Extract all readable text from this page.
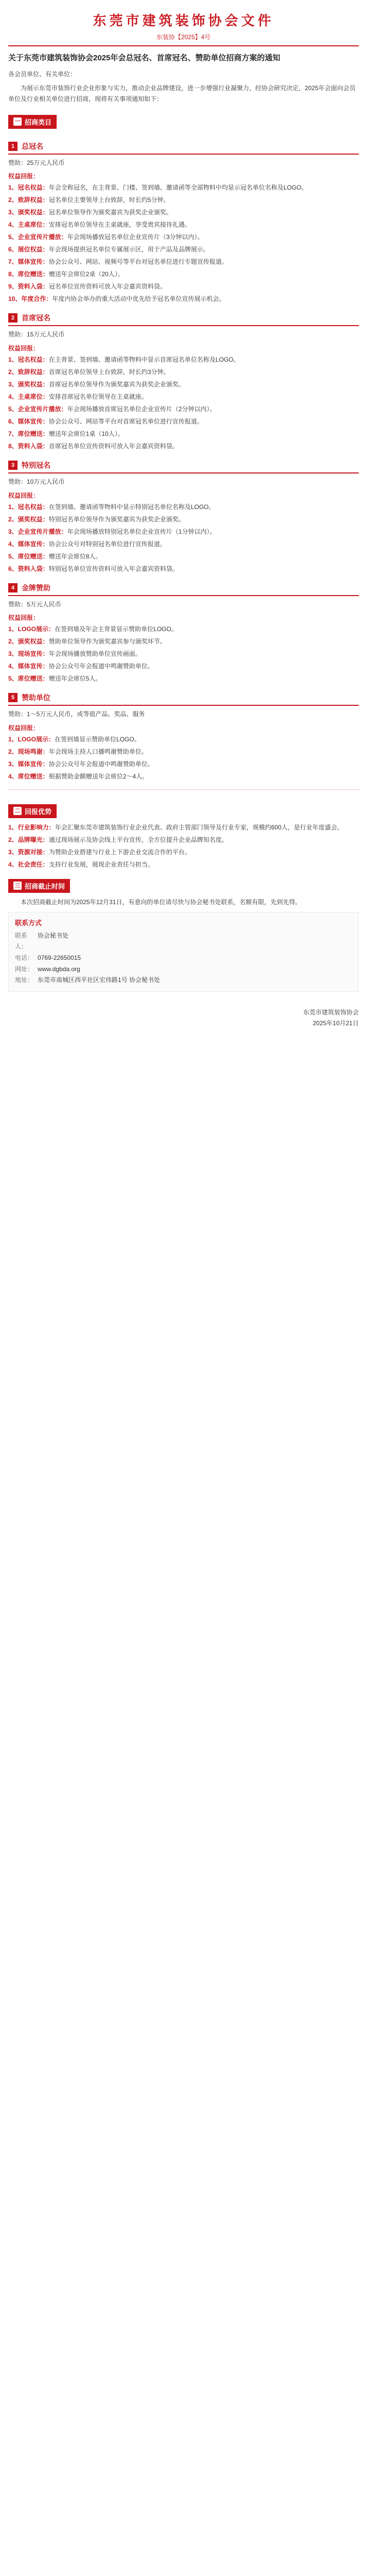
东莞市建筑装饰协会文件
东装协【2025】4号
关于东莞市建筑装饰协会2025年会总冠名、首席冠名、赞助单位招商方案的通知

各会员单位、有关单位：

为展示东莞市装饰行业企业形象与实力，推动企业品牌建设，进一步增强行业凝聚力，经协会研究决定，2025年会面向会员单位及行业相关单位进行招商，现将有关事项通知如下：

一 招商类目
1 总冠名
赞助：25万元人民币
权益回报：
1、冠名权益：年会全称冠名，在主背景、门楼、签到墙、邀请函等全部物料中均显示冠名单位名称及LOGO。
2、致辞权益：冠名单位主要领导上台致辞，时长约5分钟。
3、颁奖权益：冠名单位领导作为颁奖嘉宾为获奖企业颁奖。
4、主桌席位：安排冠名单位领导在主桌就座，享受贵宾接待礼遇。
5、企业宣传片播放：年会现场播放冠名单位企业宣传片（3分钟以内）。
6、展位权益：年会现场提供冠名单位专属展示区，用于产品及品牌展示。
7、媒体宣传：协会公众号、网站、视频号等平台对冠名单位进行专题宣传报道。
8、席位赠送：赠送年会席位2桌（20人）。
9、资料入袋：冠名单位宣传资料可放入年会嘉宾资料袋。
10、年度合作：年度内协会举办的重大活动中优先给予冠名单位宣传展示机会。
2 首席冠名
赞助：15万元人民币
权益回报：
1、冠名权益：在主背景、签到墙、邀请函等物料中显示首席冠名单位名称及LOGO。
2、致辞权益：首席冠名单位领导上台致辞，时长约3分钟。
3、颁奖权益：首席冠名单位领导作为颁奖嘉宾为获奖企业颁奖。
4、主桌席位：安排首席冠名单位领导在主桌就座。
5、企业宣传片播放：年会现场播放首席冠名单位企业宣传片（2分钟以内）。
6、媒体宣传：协会公众号、网站等平台对首席冠名单位进行宣传报道。
7、席位赠送：赠送年会席位1桌（10人）。
8、资料入袋：首席冠名单位宣传资料可放入年会嘉宾资料袋。
3 特别冠名
赞助：10万元人民币
权益回报：
1、冠名权益：在签到墙、邀请函等物料中显示特别冠名单位名称及LOGO。
2、颁奖权益：特别冠名单位领导作为颁奖嘉宾为获奖企业颁奖。
3、企业宣传片播放：年会现场播放特别冠名单位企业宣传片（1分钟以内）。
4、媒体宣传：协会公众号对特别冠名单位进行宣传报道。
5、席位赠送：赠送年会席位8人。
6、资料入袋：特别冠名单位宣传资料可放入年会嘉宾资料袋。
4 金牌赞助
赞助：5万元人民币
权益回报：
1、LOGO展示：在签到墙及年会主背景显示赞助单位LOGO。
2、颁奖权益：赞助单位领导作为颁奖嘉宾参与颁奖环节。
3、现场宣传：年会现场播放赞助单位宣传画面。
4、媒体宣传：协会公众号年会报道中鸣谢赞助单位。
5、席位赠送：赠送年会席位5人。
5 赞助单位
赞助：1～5万元人民币，或等值产品、奖品、服务
权益回报：
1、LOGO展示：在签到墙显示赞助单位LOGO。
2、现场鸣谢：年会现场主持人口播鸣谢赞助单位。
3、媒体宣传：协会公众号年会报道中鸣谢赞助单位。
4、席位赠送：根据赞助金额赠送年会席位2～4人。
二 回报优势
1、行业影响力：年会汇聚东莞市建筑装饰行业企业代表、政府主管部门领导及行业专家，规模约600人，是行业年度盛会。
2、品牌曝光：通过现场展示及协会线上平台宣传，全方位提升企业品牌知名度。
3、资源对接：为赞助企业搭建与行业上下游企业交流合作的平台。
4、社会责任：支持行业发展，展现企业责任与担当。
三 招商截止时间

本次招商截止时间为2025年12月31日，有意向的单位请尽快与协会秘书处联系，名额有限，先到先得。

联系方式
联系人：
协会秘书处
电话： 0769-22650015
网址： www.dgbda.org
地址： 东莞市南城区西平社区宏伟路1号 协会秘书处
东莞市建筑装饰协会
2025年10月21日
